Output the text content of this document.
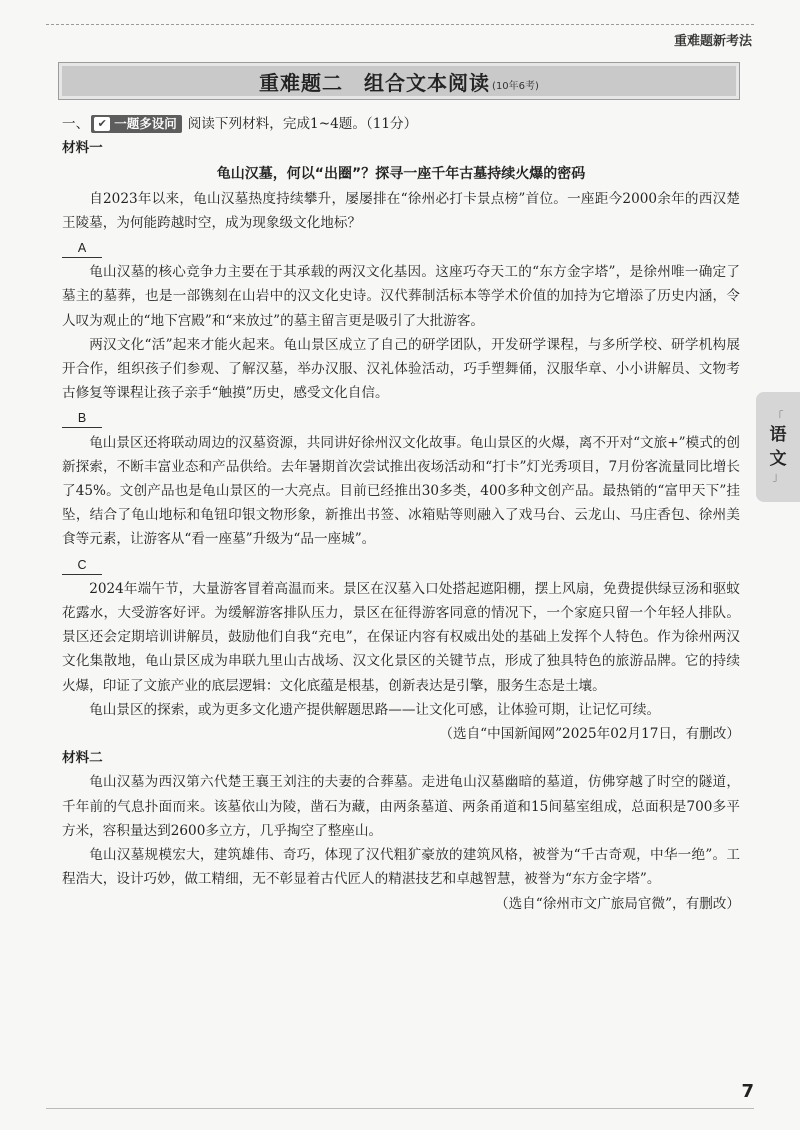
重难题新考法
重难题二　组合文本阅读 (10年6考)
一、 ✔ 一题多设问 阅读下列材料，完成1~4题。（11分）
材料一
龟山汉墓，何以“出圈”？探寻一座千年古墓持续火爆的密码

自2023年以来，龟山汉墓热度持续攀升，屡屡排在“徐州必打卡景点榜”首位。一座距今2000余年的西汉楚王陵墓，为何能跨越时空，成为现象级文化地标？

A

龟山汉墓的核心竞争力主要在于其承载的两汉文化基因。这座巧夺天工的“东方金字塔”，是徐州唯一确定了墓主的墓葬，也是一部镌刻在山岩中的汉文化史诗。汉代葬制活标本等学术价值的加持为它增添了历史内涵，令人叹为观止的“地下宫殿”和“来放过”的墓主留言更是吸引了大批游客。

两汉文化“活”起来才能火起来。龟山景区成立了自己的研学团队，开发研学课程，与多所学校、研学机构展开合作，组织孩子们参观、了解汉墓，举办汉服、汉礼体验活动，巧手塑舞俑，汉服华章、小小讲解员、文物考古修复等课程让孩子亲手“触摸”历史，感受文化自信。

B

龟山景区还将联动周边的汉墓资源，共同讲好徐州汉文化故事。龟山景区的火爆，离不开对“文旅+”模式的创新探索，不断丰富业态和产品供给。去年暑期首次尝试推出夜场活动和“打卡”灯光秀项目，7月份客流量同比增长了45%。文创产品也是龟山景区的一大亮点。目前已经推出30多类，400多种文创产品。最热销的“富甲天下”挂坠，结合了龟山地标和龟钮印银文物形象，新推出书签、冰箱贴等则融入了戏马台、云龙山、马庄香包、徐州美食等元素，让游客从“看一座墓”升级为“品一座城”。

C

2024年端午节，大量游客冒着高温而来。景区在汉墓入口处搭起遮阳棚，摆上风扇，免费提供绿豆汤和驱蚊花露水，大受游客好评。为缓解游客排队压力，景区在征得游客同意的情况下，一个家庭只留一个年轻人排队。景区还会定期培训讲解员，鼓励他们自我“充电”，在保证内容有权威出处的基础上发挥个人特色。作为徐州两汉文化集散地，龟山景区成为串联九里山古战场、汉文化景区的关键节点，形成了独具特色的旅游品牌。它的持续火爆，印证了文旅产业的底层逻辑：文化底蕴是根基，创新表达是引擎，服务生态是土壤。

龟山景区的探索，或为更多文化遗产提供解题思路——让文化可感，让体验可期，让记忆可续。

（选自“中国新闻网”2025年02月17日，有删改）

材料二

龟山汉墓为西汉第六代楚王襄王刘注的夫妻的合葬墓。走进龟山汉墓幽暗的墓道，仿佛穿越了时空的隧道，千年前的气息扑面而来。该墓依山为陵，凿石为藏，由两条墓道、两条甬道和15间墓室组成，总面积是700多平方米，容积量达到2600多立方，几乎掏空了整座山。

龟山汉墓规模宏大，建筑雄伟、奇巧，体现了汉代粗犷豪放的建筑风格，被誉为“千古奇观，中华一绝”。工程浩大，设计巧妙，做工精细，无不彰显着古代匠人的精湛技艺和卓越智慧，被誉为“东方金字塔”。

（选自“徐州市文广旅局官微”，有删改）

「
语
文
」
7
